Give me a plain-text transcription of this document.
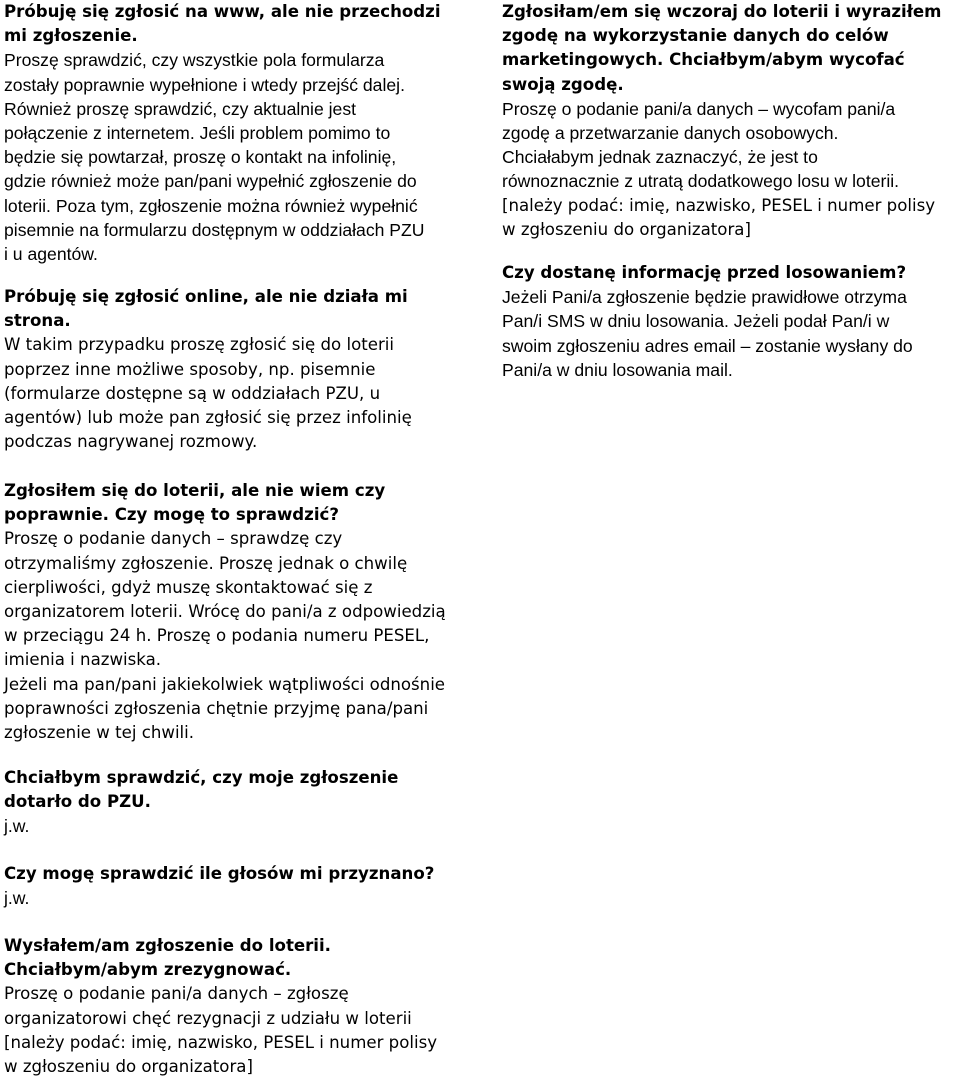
Próbuję się zgłosić na www, ale nie przechodzi
mi zgłoszenie.

Proszę sprawdzić, czy wszystkie pola formularza
zostały poprawnie wypełnione i wtedy przejść dalej.
Również proszę sprawdzić, czy aktualnie jest
połączenie z internetem. Jeśli problem pomimo to
będzie się powtarzał, proszę o kontakt na infolinię,
gdzie również może pan/pani wypełnić zgłoszenie do
loterii. Poza tym, zgłoszenie można również wypełnić
pisemnie na formularzu dostępnym w oddziałach PZU
i u agentów.

Próbuję się zgłosić online, ale nie działa mi
strona.

W takim przypadku proszę zgłosić się do loterii
poprzez inne możliwe sposoby, np. pisemnie
(formularze dostępne są w oddziałach PZU, u
agentów) lub może pan zgłosić się przez infolinię
podczas nagrywanej rozmowy.

Zgłosiłem się do loterii, ale nie wiem czy
poprawnie. Czy mogę to sprawdzić?

Proszę o podanie danych – sprawdzę czy
otrzymaliśmy zgłoszenie. Proszę jednak o chwilę
cierpliwości, gdyż muszę skontaktować się z
organizatorem loterii. Wrócę do pani/a z odpowiedzią
w przeciągu 24 h. Proszę o podania numeru PESEL,
imienia i nazwiska.
Jeżeli ma pan/pani jakiekolwiek wątpliwości odnośnie
poprawności zgłoszenia chętnie przyjmę pana/pani
zgłoszenie w tej chwili.

Chciałbym sprawdzić, czy moje zgłoszenie
dotarło do PZU.

j.w.

Czy mogę sprawdzić ile głosów mi przyznano?

j.w.

Wysłałem/am zgłoszenie do loterii.
Chciałbym/abym zrezygnować.

Proszę o podanie pani/a danych – zgłoszę
organizatorowi chęć rezygnacji z udziału w loterii
[należy podać: imię, nazwisko, PESEL i numer polisy
w zgłoszeniu do organizatora]

Zgłosiłam/em się wczoraj do loterii i wyraziłem
zgodę na wykorzystanie danych do celów
marketingowych. Chciałbym/abym wycofać
swoją zgodę.

Proszę o podanie pani/a danych – wycofam pani/a
zgodę a przetwarzanie danych osobowych.
Chciałabym jednak zaznaczyć, że jest to
równoznacznie z utratą dodatkowego losu w loterii.
[należy podać: imię, nazwisko, PESEL i numer polisy
w zgłoszeniu do organizatora]

Czy dostanę informację przed losowaniem?

Jeżeli Pani/a zgłoszenie będzie prawidłowe otrzyma
Pan/i SMS w dniu losowania. Jeżeli podał Pan/i w
swoim zgłoszeniu adres email – zostanie wysłany do
Pani/a w dniu losowania mail.
